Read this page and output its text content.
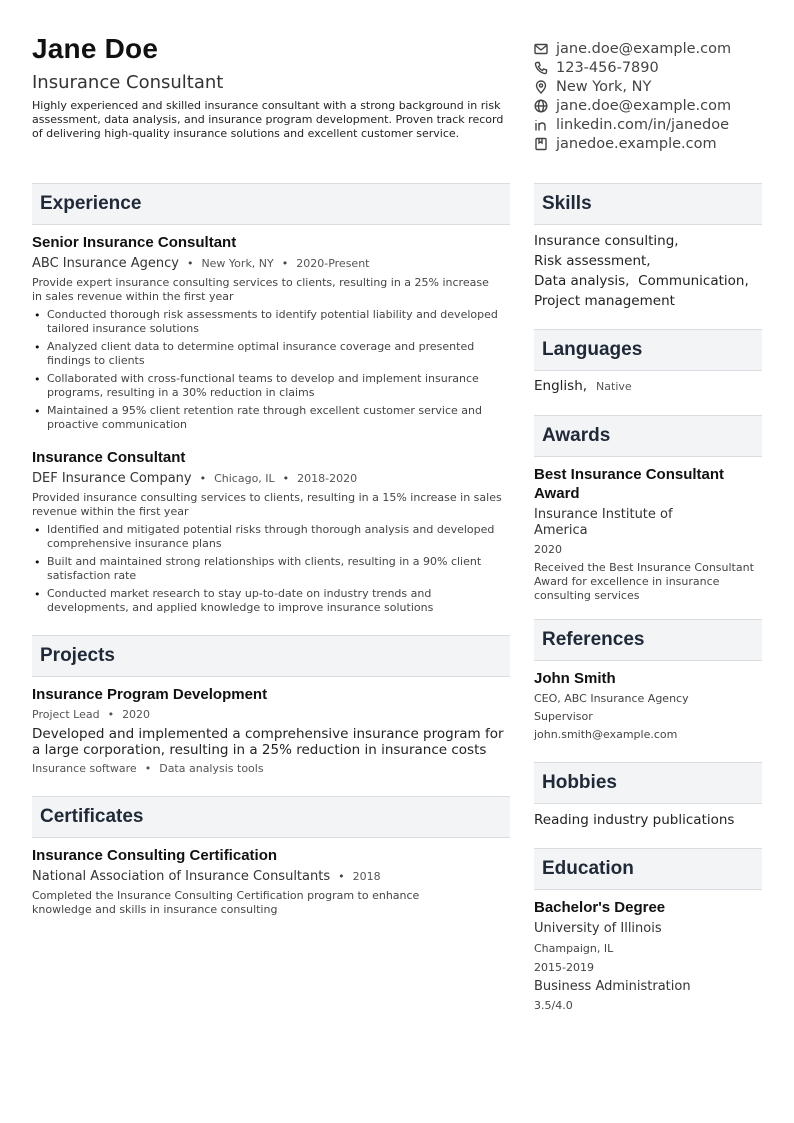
Jane Doe
Insurance Consultant
Highly experienced and skilled insurance consultant with a strong background in risk assessment, data analysis, and insurance program development. Proven track record of delivering high-quality insurance solutions and excellent customer service.
jane.doe@example.com
123-456-7890
New York, NY
jane.doe@example.com
linkedin.com/in/janedoe
janedoe.example.com
Experience
Senior Insurance Consultant
ABC Insurance Agency • New York, NY • 2020-Present
Provide expert insurance consulting services to clients, resulting in a 25% increase in sales revenue within the first year
• Conducted thorough risk assessments to identify potential liability and developed tailored insurance solutions
• Analyzed client data to determine optimal insurance coverage and presented findings to clients
• Collaborated with cross-functional teams to develop and implement insurance programs, resulting in a 30% reduction in claims
• Maintained a 95% client retention rate through excellent customer service and proactive communication
Insurance Consultant
DEF Insurance Company • Chicago, IL • 2018-2020
Provided insurance consulting services to clients, resulting in a 15% increase in sales revenue within the first year
• Identified and mitigated potential risks through thorough analysis and developed comprehensive insurance plans
• Built and maintained strong relationships with clients, resulting in a 90% client satisfaction rate
• Conducted market research to stay up-to-date on industry trends and developments, and applied knowledge to improve insurance solutions
Projects
Insurance Program Development
Project Lead • 2020
Developed and implemented a comprehensive insurance program for a large corporation, resulting in a 25% reduction in insurance costs
Insurance software • Data analysis tools
Certificates
Insurance Consulting Certification
National Association of Insurance Consultants • 2018
Completed the Insurance Consulting Certification program to enhance knowledge and skills in insurance consulting
Skills
Insurance consulting,
Risk assessment,
Data analysis, Communication,
Project management
Languages
English, Native
Awards
Best Insurance Consultant
Award
Insurance Institute of
America
2020
Received the Best Insurance Consultant Award for excellence in insurance consulting services
References
John Smith
CEO, ABC Insurance Agency
Supervisor
john.smith@example.com
Hobbies
Reading industry publications
Education
Bachelor's Degree
University of Illinois
Champaign, IL
2015-2019
Business Administration
3.5/4.0
